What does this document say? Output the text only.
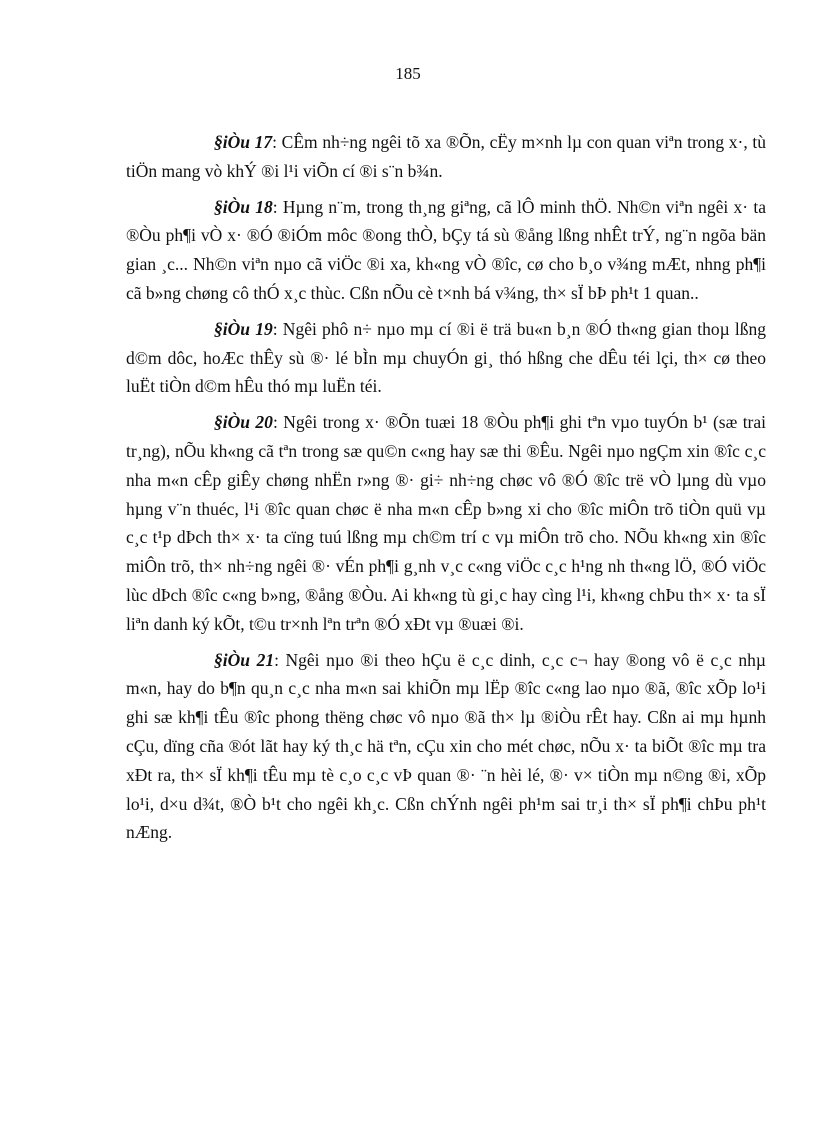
185

§iÒu 17: CÊm nh÷ng ngêi tõ xa ®Õn, cËy m×nh lµ con quan viªn trong x·, tù tiÖn mang vò khÝ ®i l¹i viÕn cí ®i s¨n b¾n.

§iÒu 18: Hµng n¨m, trong th¸ng giªng, cã lÔ minh thÖ. Nh©n viªn ngêi x· ta ®Òu ph¶i vÒ x· ®Ó ®iÓm môc ®ong thÒ, bÇy tá sù ®ång lßng nhÊt trÝ, ng¨n ngõa bän gian ¸c... Nh©n viªn nµo cã viÖc ®i xa, kh«ng vÒ ®îc, cø cho b¸o v¾ng mÆt, nhng ph¶i cã b»ng chøng cô thÓ x¸c thùc. Cßn nÕu cè t×nh bá v¾ng, th× sÏ bÞ ph¹t 1 quan..

§iÒu 19: Ngêi phô n÷ nµo mµ cí ®i ë trä bu«n b¸n ®Ó th«ng gian thoµ lßng d©m dôc, hoÆc thÊy sù ®· lé bÌn mµ chuyÓn gi¸ thó hßng che dÊu téi lçi, th× cø theo luËt tiÒn d©m hÊu thó mµ luËn téi.

§iÒu 20: Ngêi trong x· ®Õn tuæi 18 ®Òu ph¶i ghi tªn vµo tuyÓn b¹ (sæ trai tr¸ng), nÕu kh«ng cã tªn trong sæ qu©n c«ng hay sæ thi ®Êu. Ngêi nµo ngÇm xin ®îc c¸c nha m«n cÊp giÊy chøng nhËn r»ng ®· gi÷ nh÷ng chøc vô ®Ó ®îc trë vÒ lµng dù vµo hµng v¨n thuéc, l¹i ®îc quan chøc ë nha m«n cÊp b»ng xi cho ®îc miÔn trõ tiÒn quü vµ c¸c t¹p dÞch th× x· ta cïng tuú lßng mµ ch©m trí c vµ miÔn trõ cho. NÕu kh«ng xin ®îc miÔn trõ, th× nh÷ng ngêi ®· vÉn ph¶i g¸nh v¸c c«ng viÖc c¸c h¹ng nh th«ng lÖ, ®Ó viÖc lùc dÞch ®îc c«ng b»ng, ®ång ®Òu. Ai kh«ng tù gi¸c hay cìng l¹i, kh«ng chÞu th× x· ta sÏ liªn danh ký kÕt, t©u tr×nh lªn trªn ®Ó xÐt vµ ®uæi ®i.

§iÒu 21: Ngêi nµo ®i theo hÇu ë c¸c dinh, c¸c c¬ hay ®ong vô ë c¸c nhµ m«n, hay do b¶n qu¸n c¸c nha m«n sai khiÕn mµ lËp ®îc c«ng lao nµo ®ã, ®îc xÕp lo¹i ghi sæ kh¶i tÊu ®îc phong thëng chøc vô nµo ®ã th× lµ ®iÒu rÊt hay. Cßn ai mµ hµnh cÇu, dïng cña ®ót lãt hay ký th¸c hä tªn, cÇu xin cho mét chøc, nÕu x· ta biÕt ®îc mµ tra xÐt ra, th× sÏ kh¶i tÊu mµ tè c¸o c¸c vÞ quan ®· ¨n hèi lé, ®· v× tiÒn mµ n©ng ®i, xÕp lo¹i, d×u d¾t, ®Ò b¹t cho ngêi kh¸c. Cßn chÝnh ngêi ph¹m sai tr¸i th× sÏ ph¶i chÞu ph¹t nÆng.
